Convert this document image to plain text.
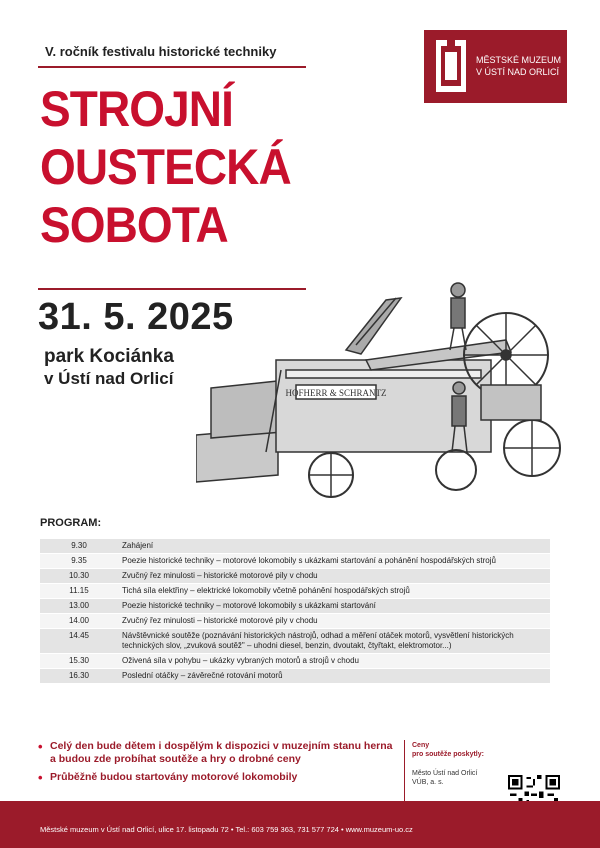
V. ročník festivalu historické techniky
STROJNÍ
OUSTECKÁ
SOBOTA
31. 5. 2025
park Kociánka
v Ústí nad Orlicí
MĚSTSKÉ MUZEUM
V ÚSTÍ NAD ORLICÍ
HOFHERR & SCHRANTZ
PROGRAM:
9.30	Zahájení
9.35	Poezie historické techniky – motorové lokomobily s ukázkami startování a pohánění hospodářských strojů
10.30	Zvučný řez minulosti – historické motorové pily v chodu
11.15	Tichá síla elektřiny – elektrické lokomobily včetně pohánění hospodářských strojů
13.00	Poezie historické techniky – motorové lokomobily s ukázkami startování
14.00	Zvučný řez minulosti – historické motorové pily v chodu
14.45	Návštěvnické soutěže (poznávání historických nástrojů, odhad a měření otáček motorů, vysvětlení historických technických slov, „zvuková soutěž" – uhodni diesel, benzin, dvoutakt, čtyřtakt, elektromotor...)
15.30	Oživená síla v pohybu – ukázky vybraných motorů a strojů v chodu
16.30	Poslední otáčky – závěrečné rotování motorů
• Celý den bude dětem i dospělým k dispozici v muzejním stanu herna a budou zde probíhat soutěže a hry o drobné ceny
• Průběžně budou startovány motorové lokomobily
Ceny
pro soutěže poskytly:
Město Ústí nad Orlicí
VÚB, a. s.
Městské muzeum v Ústí nad Orlicí, ulice 17. listopadu 72 • Tel.: 603 759 363, 731 577 724 • www.muzeum-uo.cz
